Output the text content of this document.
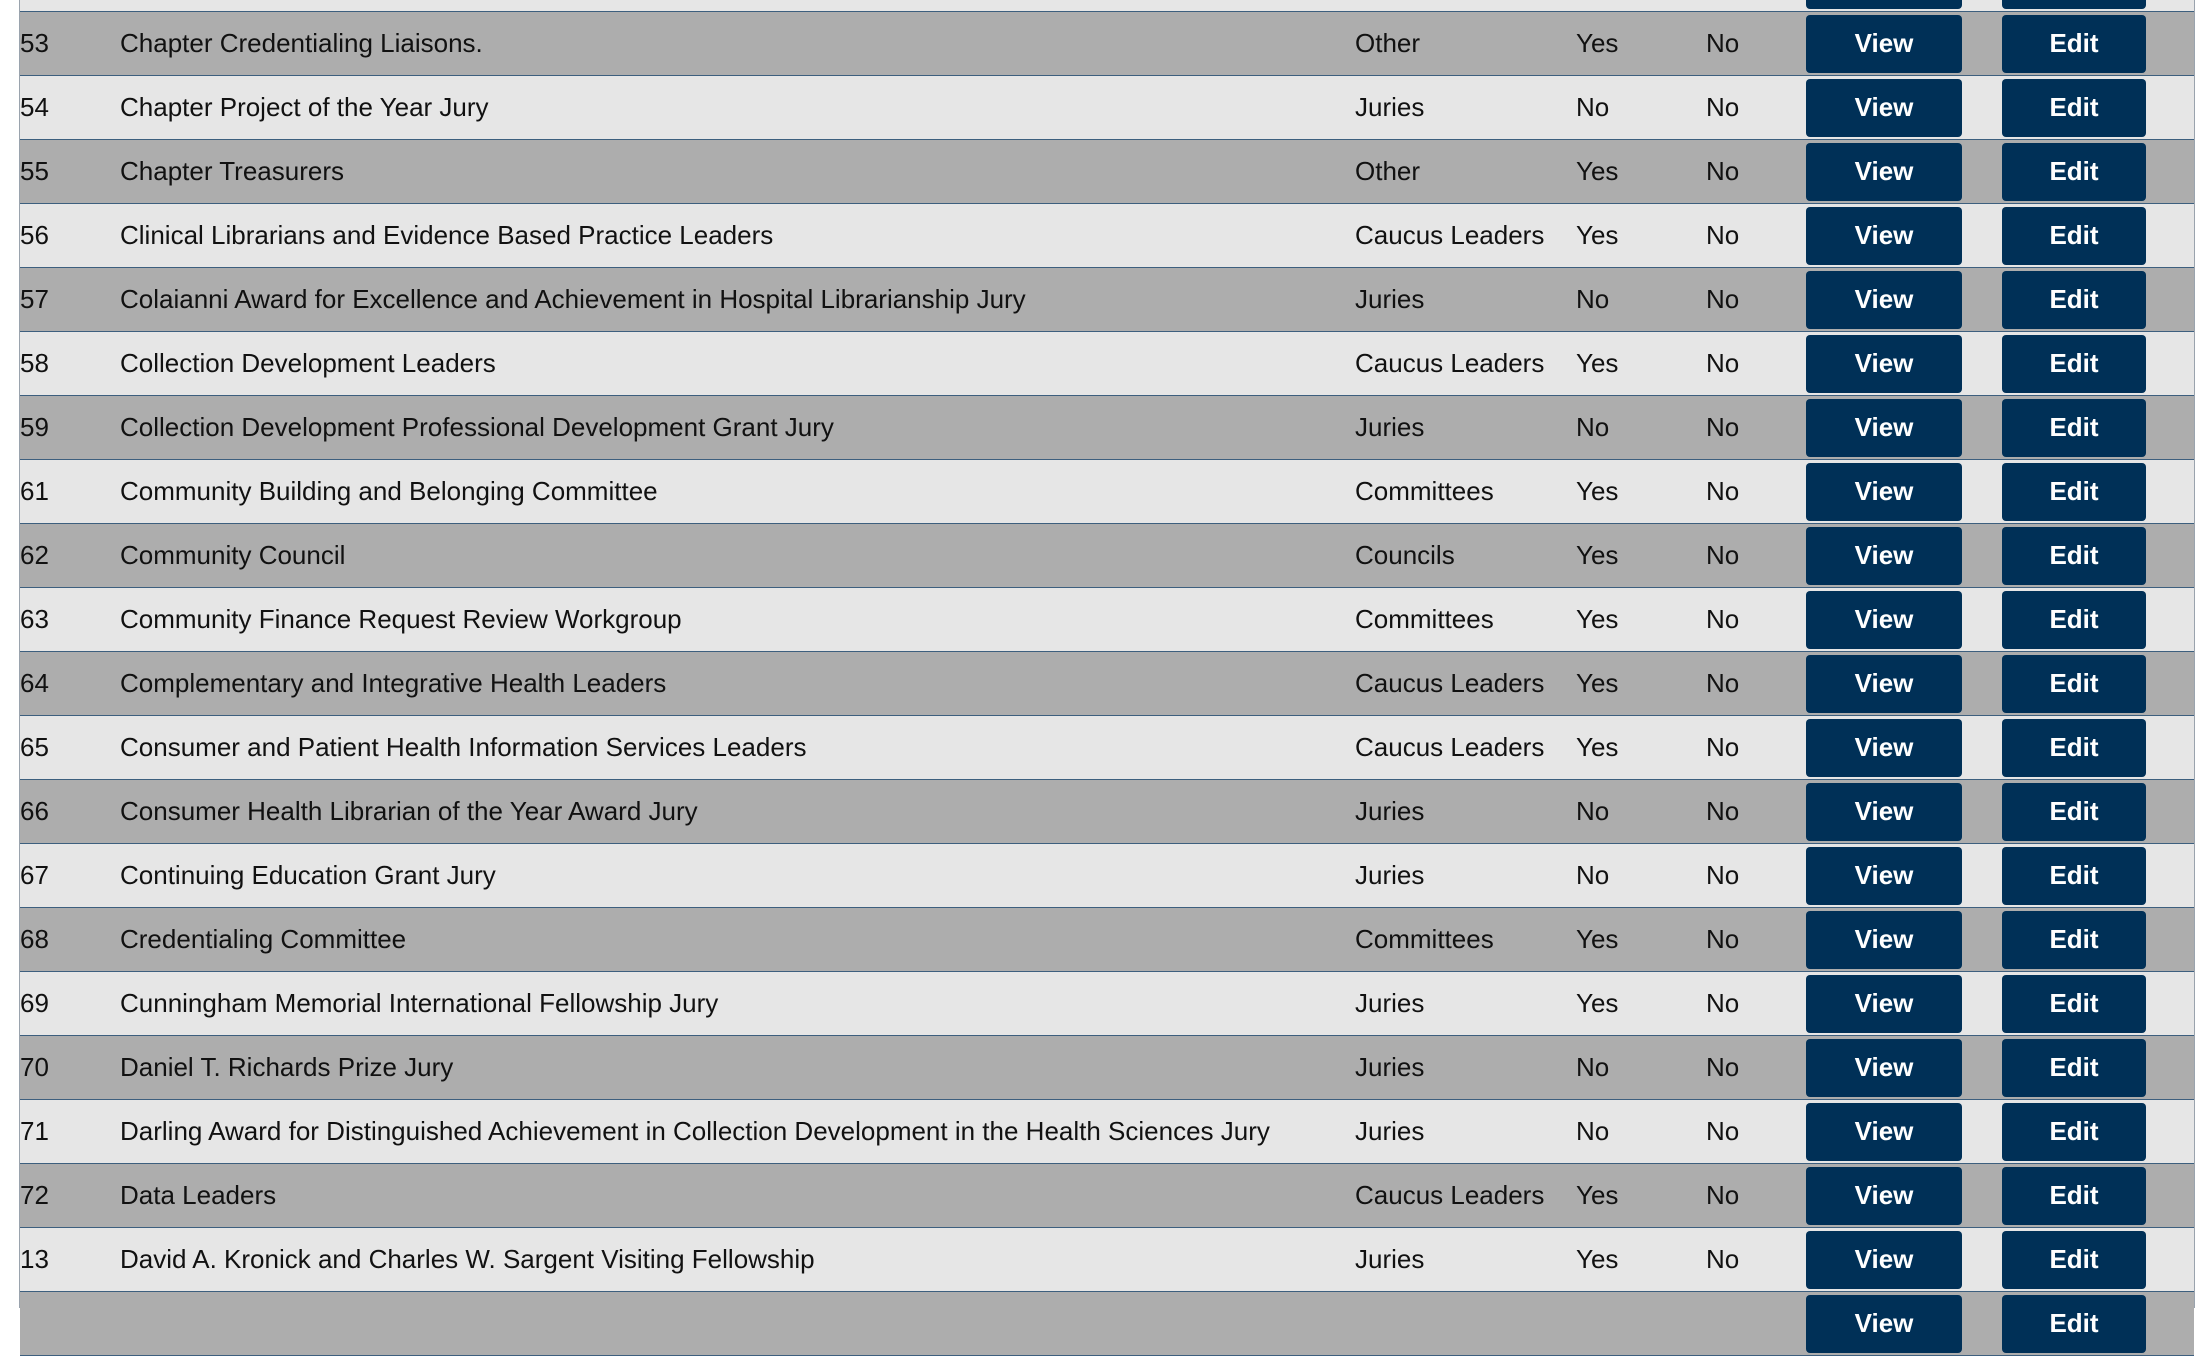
53	Chapter Credentialing Liaisons.	Other	Yes	No	View	Edit
54	Chapter Project of the Year Jury	Juries	No	No	View	Edit
55	Chapter Treasurers	Other	Yes	No	View	Edit
56	Clinical Librarians and Evidence Based Practice Leaders	Caucus Leaders	Yes	No	View	Edit
57	Colaianni Award for Excellence and Achievement in Hospital Librarianship Jury	Juries	No	No	View	Edit
58	Collection Development Leaders	Caucus Leaders	Yes	No	View	Edit
59	Collection Development Professional Development Grant Jury	Juries	No	No	View	Edit
61	Community Building and Belonging Committee	Committees	Yes	No	View	Edit
62	Community Council	Councils	Yes	No	View	Edit
63	Community Finance Request Review Workgroup	Committees	Yes	No	View	Edit
64	Complementary and Integrative Health Leaders	Caucus Leaders	Yes	No	View	Edit
65	Consumer and Patient Health Information Services Leaders	Caucus Leaders	Yes	No	View	Edit
66	Consumer Health Librarian of the Year Award Jury	Juries	No	No	View	Edit
67	Continuing Education Grant Jury	Juries	No	No	View	Edit
68	Credentialing Committee	Committees	Yes	No	View	Edit
69	Cunningham Memorial International Fellowship Jury	Juries	Yes	No	View	Edit
70	Daniel T. Richards Prize Jury	Juries	No	No	View	Edit
71	Darling Award for Distinguished Achievement in Collection Development in the Health Sciences Jury	Juries	No	No	View	Edit
72	Data Leaders	Caucus Leaders	Yes	No	View	Edit
13	David A. Kronick and Charles W. Sargent Visiting Fellowship	Juries	Yes	No	View	Edit
					View	Edit
